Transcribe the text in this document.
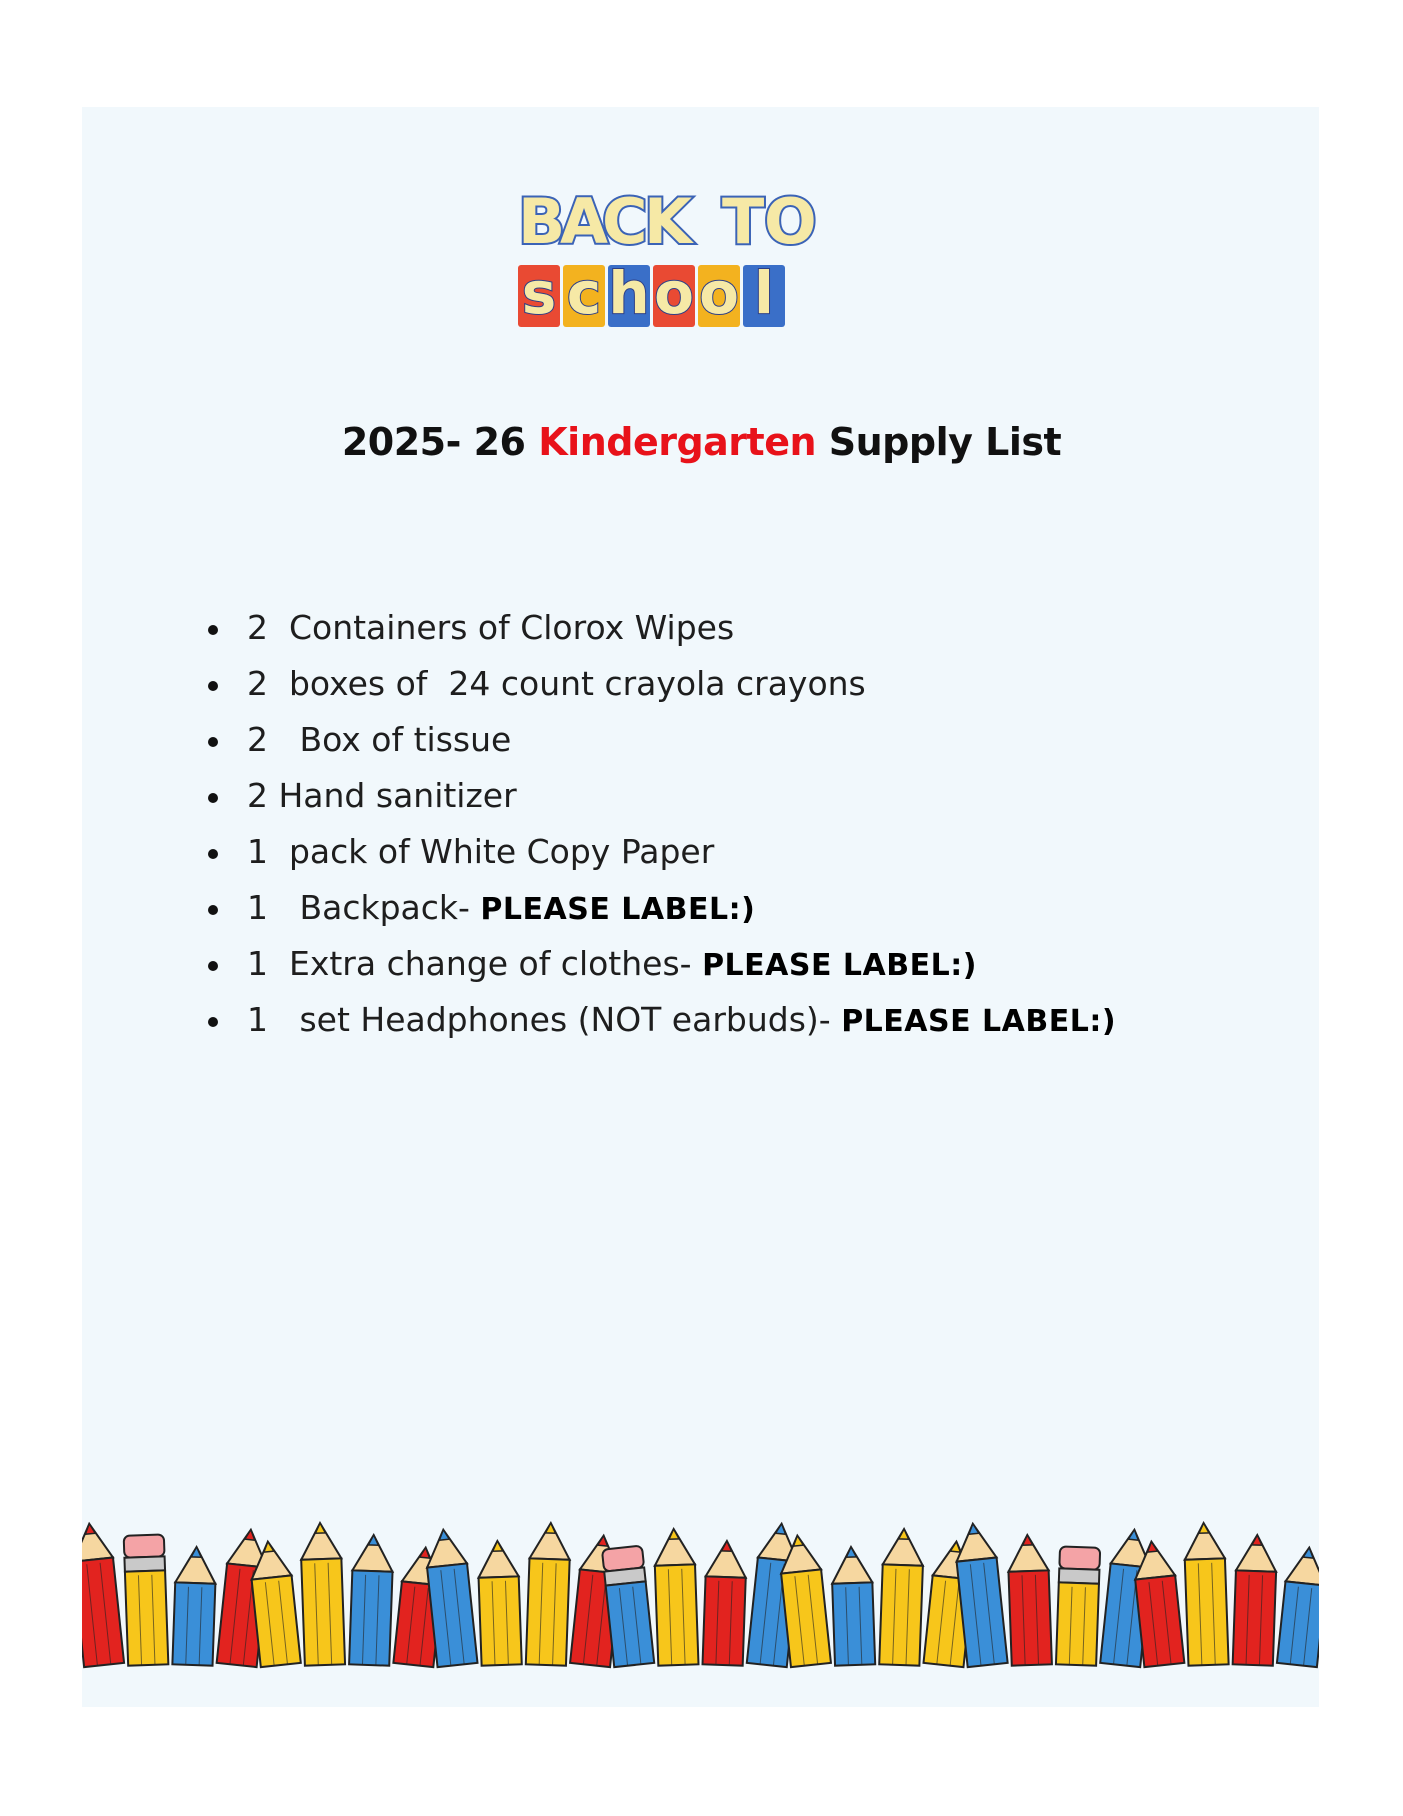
B
A
C
K T O
s c h o o l
2025- 26 Kindergarten Supply List
2  Containers of Clorox Wipes
2  boxes of  24 count crayola crayons
2   Box of tissue
2 Hand sanitizer
1  pack of White Copy Paper
1   Backpack- PLEASE LABEL:)
1  Extra change of clothes- PLEASE LABEL:)
1   set Headphones (NOT earbuds)- PLEASE LABEL:)
